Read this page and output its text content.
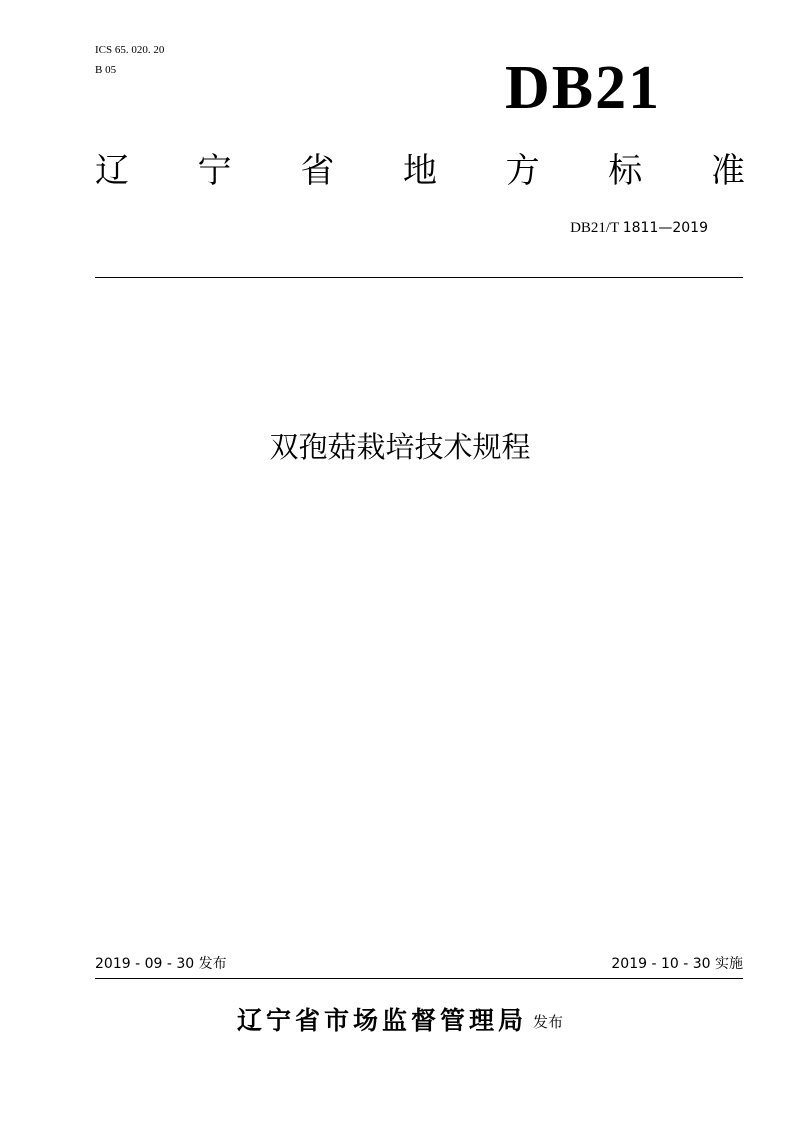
ICS 65. 020. 20
B 05	DB21
辽 宁 省 地 方 标 准
DB21/T 1811—2019
双孢菇栽培技术规程
2019 - 09 - 30 发布	2019 - 10 - 30 实施
辽宁省市场监督管理局 发布
